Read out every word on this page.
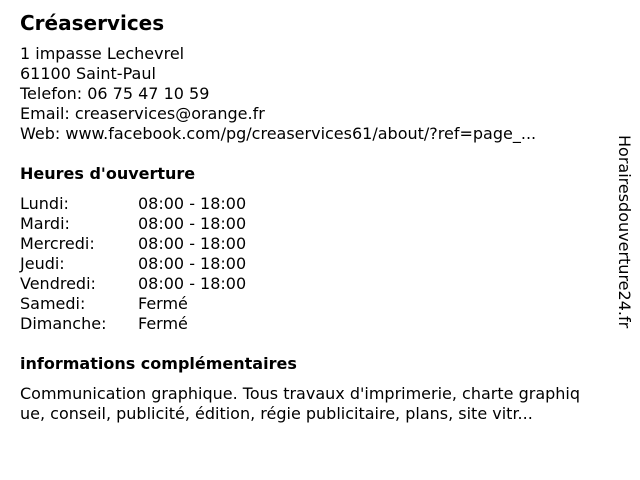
Créaservices
1 impasse Lechevrel
61100 Saint-Paul
Telefon: 06 75 47 10 59
Email: creaservices@orange.fr
Web: www.facebook.com/pg/creaservices61/about/?ref=page_...
Heures d'ouverture
Lundi:	08:00 - 18:00
Mardi:	08:00 - 18:00
Mercredi:	08:00 - 18:00
Jeudi:	08:00 - 18:00
Vendredi:	08:00 - 18:00
Samedi:	Fermé
Dimanche:	Fermé
informations complémentaires
Communication graphique. Tous travaux d'imprimerie, charte graphique, conseil, publicité, édition, régie publicitaire, plans, site vitr...
Horairesdouverture24.fr
